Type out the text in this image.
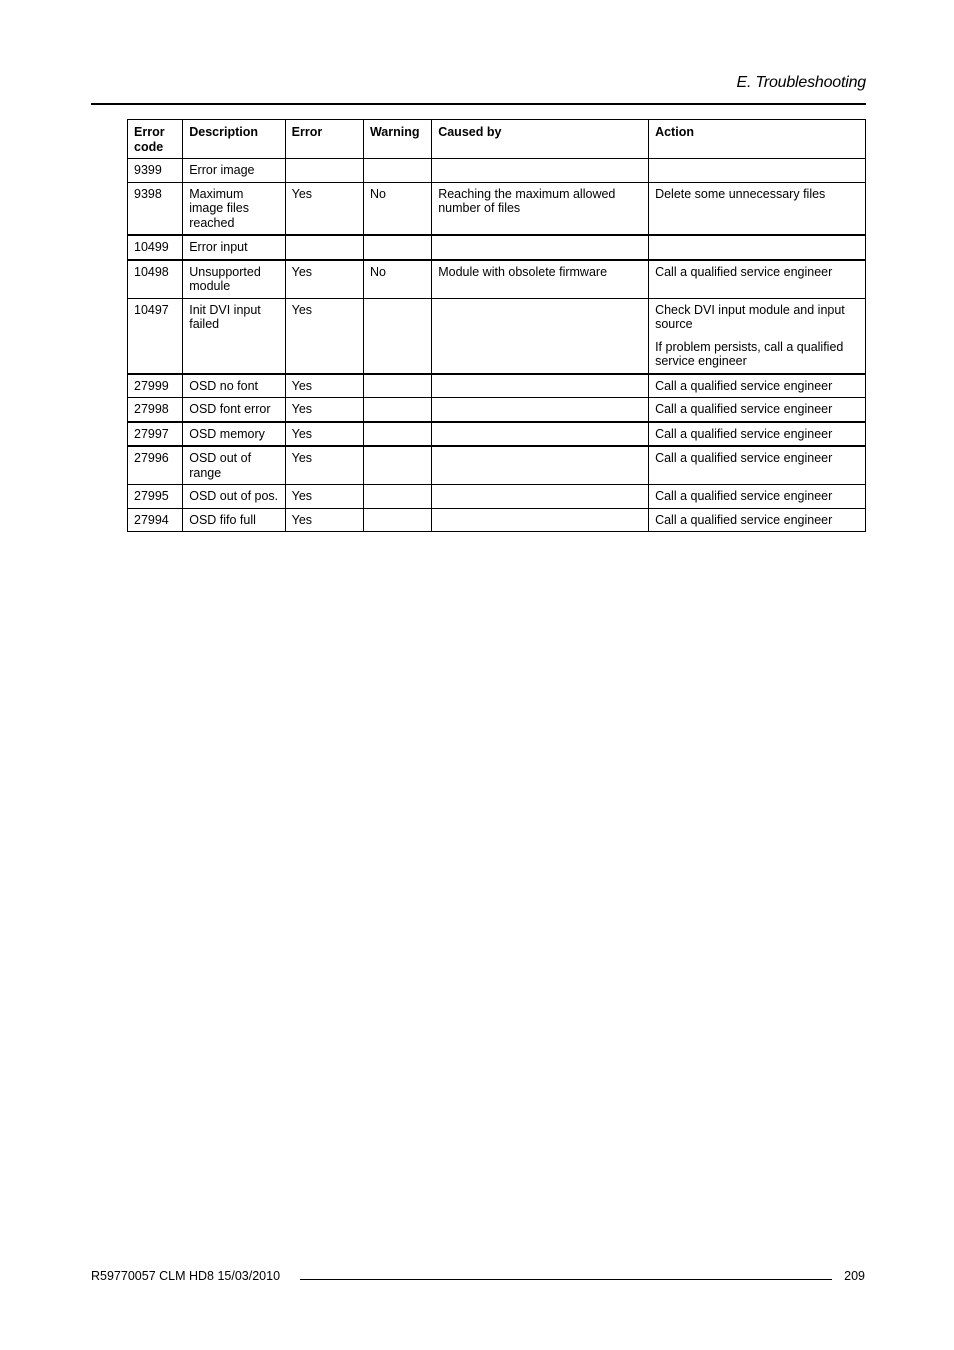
E. Troubleshooting
Error code	Description	Error	Warning	Caused by	Action
9399	Error image				

9398	Maximum image files reached	Yes	No	Reaching the maximum allowed number of files	Delete some unnecessary files

10499	Error input				

10498	Unsupported module	Yes	No	Module with obsolete firmware	Call a qualified service engineer

10497	Init DVI input failed	Yes			Check DVI input module and input source
If problem persists, call a qualified service engineer

27999	OSD no font	Yes			Call a qualified service engineer

27998	OSD font error	Yes			Call a qualified service engineer

27997	OSD memory	Yes			Call a qualified service engineer

27996	OSD out of range	Yes			Call a qualified service engineer

27995	OSD out of pos.	Yes			Call a qualified service engineer

27994	OSD fifo full	Yes			Call a qualified service engineer
R59770057 CLM HD8 15/03/2010	209
